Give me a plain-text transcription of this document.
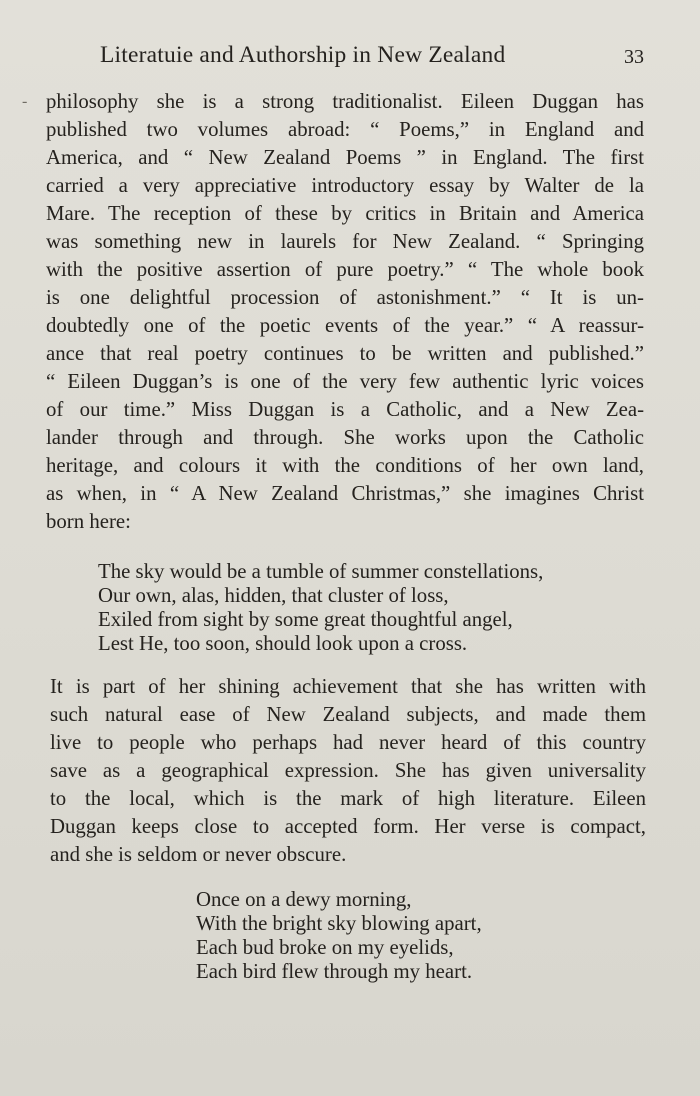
Literatuie and Authorship in New Zealand	33
- philosophy she is a strong traditionalist. Eileen Duggan has
published two volumes abroad: “ Poems,” in England and
America, and “ New Zealand Poems ” in England. The first
carried a very appreciative introductory essay by Walter de la
Mare. The reception of these by critics in Britain and America
was something new in laurels for New Zealand. “ Springing
with the positive assertion of pure poetry.” “ The whole book
is one delightful procession of astonishment.” “ It is un-
doubtedly one of the poetic events of the year.” “ A reassur-
ance that real poetry continues to be written and published.”
“ Eileen Duggan’s is one of the very few authentic lyric voices
of our time.” Miss Duggan is a Catholic, and a New Zea-
lander through and through. She works upon the Catholic
heritage, and colours it with the conditions of her own land,
as when, in “ A New Zealand Christmas,” she imagines Christ
born here:
The sky would be a tumble of summer constellations,
Our own, alas, hidden, that cluster of loss,
Exiled from sight by some great thoughtful angel,
Lest He, too soon, should look upon a cross.
It is part of her shining achievement that she has written with
such natural ease of New Zealand subjects, and made them
live to people who perhaps had never heard of this country
save as a geographical expression. She has given universality
to the local, which is the mark of high literature. Eileen
Duggan keeps close to accepted form. Her verse is compact,
and she is seldom or never obscure.
Once on a dewy morning,
With the bright sky blowing apart,
Each bud broke on my eyelids,
Each bird flew through my heart.
